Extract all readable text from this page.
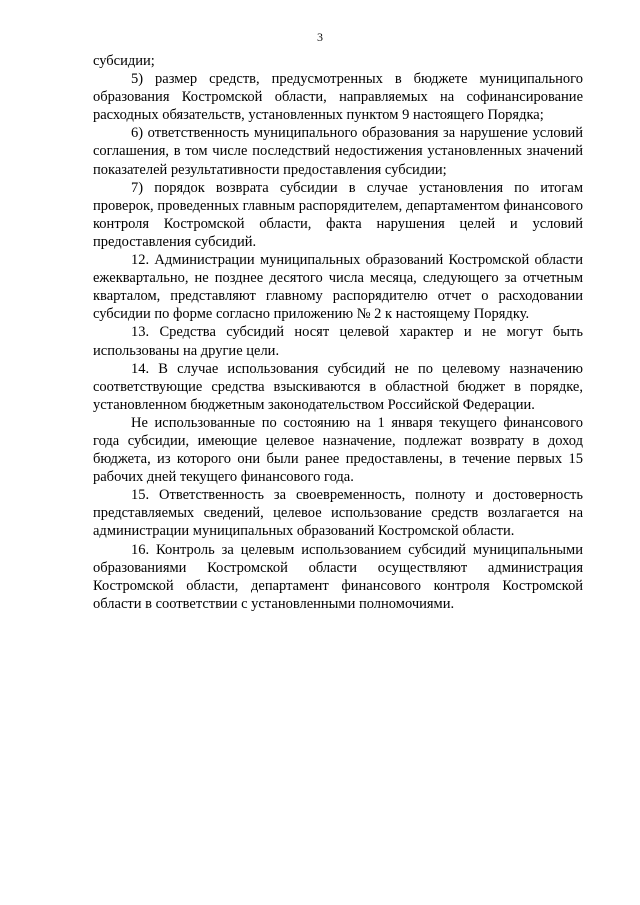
3

субсидии;

5) размер средств, предусмотренных в бюджете муниципального образования Костромской области, направляемых на софинансирование расходных обязательств, установленных пунктом 9 настоящего Порядка;

6) ответственность муниципального образования за нарушение условий соглашения, в том числе последствий недостижения установленных значений показателей результативности предоставления субсидии;

7) порядок возврата субсидии в случае установления по итогам проверок, проведенных главным распорядителем, департаментом финансового контроля Костромской области, факта нарушения целей и условий предоставления субсидий.

12. Администрации муниципальных образований Костромской области ежеквартально, не позднее десятого числа месяца, следующего за отчетным кварталом, представляют главному распорядителю отчет о расходовании субсидии по форме согласно приложению № 2 к настоящему Порядку.

13. Средства субсидий носят целевой характер и не могут быть использованы на другие цели.

14. В случае использования субсидий не по целевому назначению соответствующие средства взыскиваются в областной бюджет в порядке, установленном бюджетным законодательством Российской Федерации.

Не использованные по состоянию на 1 января текущего финансового года субсидии, имеющие целевое назначение, подлежат возврату в доход бюджета, из которого они были ранее предоставлены, в течение первых 15 рабочих дней текущего финансового года.

15. Ответственность за своевременность, полноту и достоверность представляемых сведений, целевое использование средств возлагается на администрации муниципальных образований Костромской области.

16. Контроль за целевым использованием субсидий муниципальными образованиями Костромской области осуществляют администрация Костромской области, департамент финансового контроля Костромской области в соответствии с установленными полномочиями.
